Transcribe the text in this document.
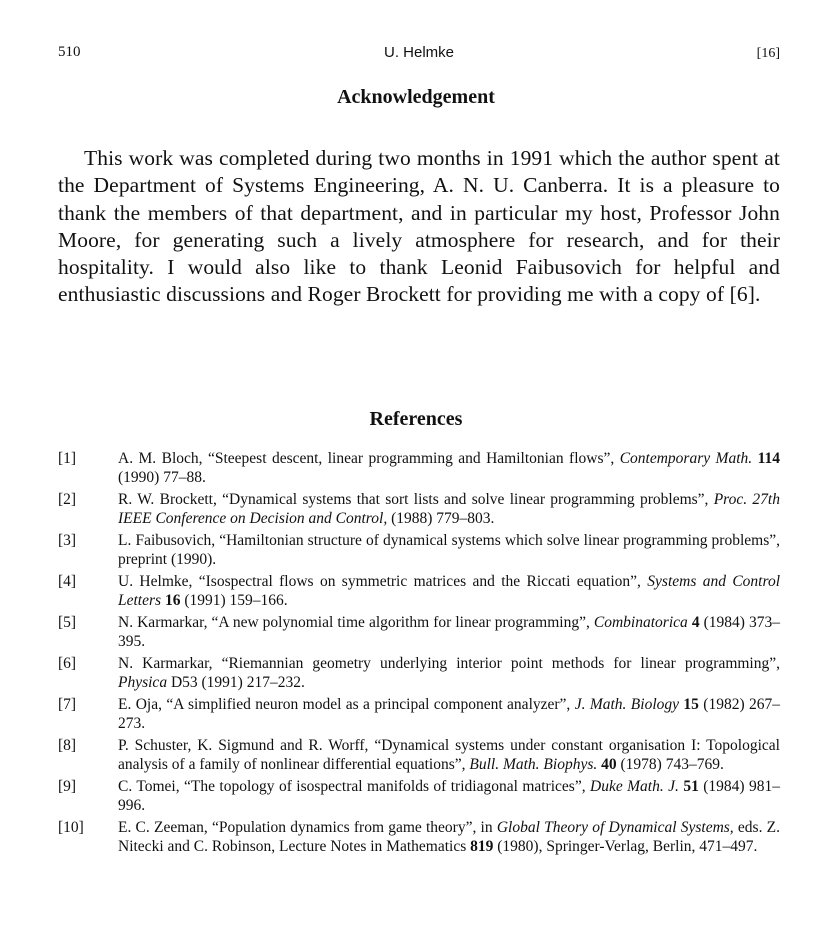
510	U. Helmke	[16]
Acknowledgement

This work was completed during two months in 1991 which the author spent at the Department of Systems Engineering, A. N. U. Canberra. It is a pleasure to thank the members of that department, and in particular my host, Professor John Moore, for generating such a lively atmosphere for research, and for their hospitality. I would also like to thank Leonid Faibusovich for helpful and enthusiastic discussions and Roger Brockett for providing me with a copy of [6].

References
[1]	A. M. Bloch, “Steepest descent, linear programming and Hamiltonian flows”, Contemporary Math. 114 (1990) 77–88.
[2]	R. W. Brockett, “Dynamical systems that sort lists and solve linear programming problems”, Proc. 27th IEEE Conference on Decision and Control, (1988) 779–803.
[3]	L. Faibusovich, “Hamiltonian structure of dynamical systems which solve linear programming problems”, preprint (1990).
[4]	U. Helmke, “Isospectral flows on symmetric matrices and the Riccati equation”, Systems and Control Letters 16 (1991) 159–166.
[5]	N. Karmarkar, “A new polynomial time algorithm for linear programming”, Combinatorica 4 (1984) 373–395.
[6]	N. Karmarkar, “Riemannian geometry underlying interior point methods for linear programming”, Physica D53 (1991) 217–232.
[7]	E. Oja, “A simplified neuron model as a principal component analyzer”, J. Math. Biology 15 (1982) 267–273.
[8]	P. Schuster, K. Sigmund and R. Worff, “Dynamical systems under constant organisation I: Topological analysis of a family of nonlinear differential equations”, Bull. Math. Biophys. 40 (1978) 743–769.
[9]	C. Tomei, “The topology of isospectral manifolds of tridiagonal matrices”, Duke Math. J. 51 (1984) 981–996.
[10]	E. C. Zeeman, “Population dynamics from game theory”, in Global Theory of Dynamical Systems, eds. Z. Nitecki and C. Robinson, Lecture Notes in Mathematics 819 (1980), Springer-Verlag, Berlin, 471–497.
